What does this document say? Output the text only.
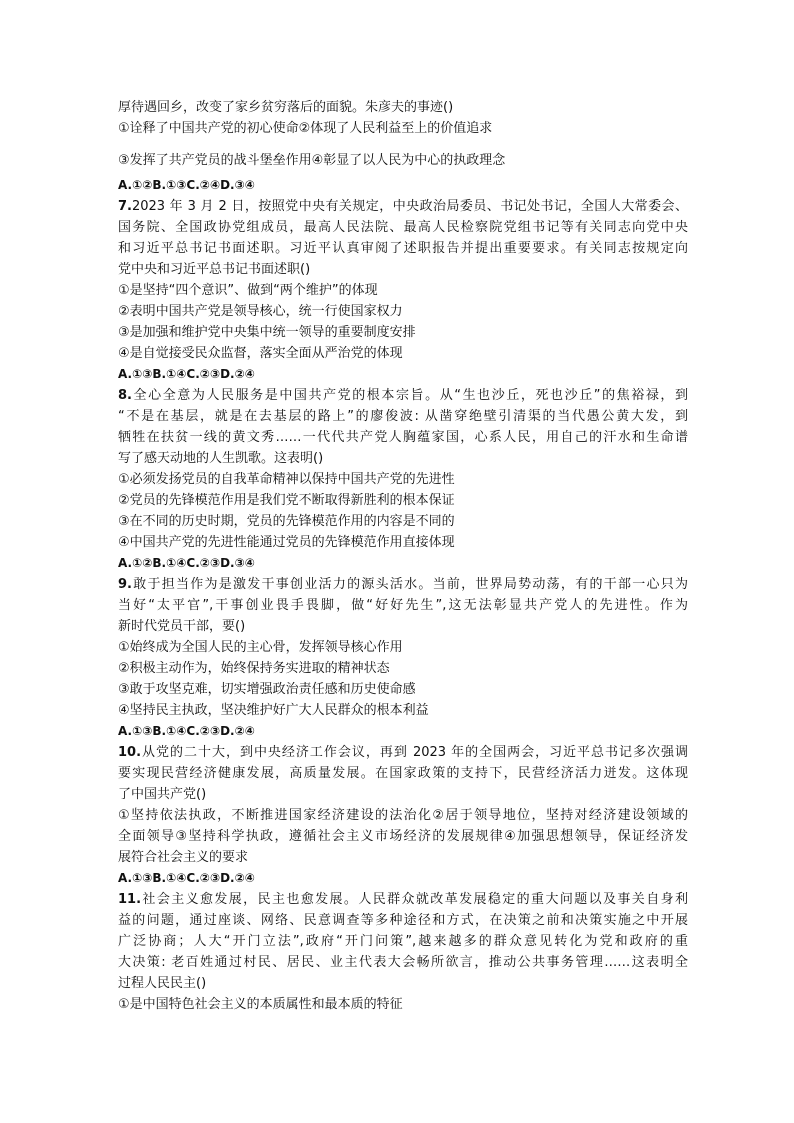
厚待遇回乡，改变了家乡贫穷落后的面貌。朱彦夫的事迹()
①诠释了中国共产党的初心使命②体现了人民利益至上的价值追求
③发挥了共产党员的战斗堡垒作用④彰显了以人民为中心的执政理念
A.①②B.①③C.②④D.③④
7.2023 年 3 月 2 日，按照党中央有关规定，中央政治局委员、书记处书记，全国人大常委会、
国务院、全国政协党组成员，最高人民法院、最高人民检察院党组书记等有关同志向党中央
和习近平总书记书面述职。习近平认真审阅了述职报告并提出重要要求。有关同志按规定向
党中央和习近平总书记书面述职()
①是坚持“四个意识”、做到“两个维护”的体现
②表明中国共产党是领导核心，统一行使国家权力
③是加强和维护党中央集中统一领导的重要制度安排
④是自觉接受民众监督，落实全面从严治党的体现
A.①③B.①④C.②③D.②④
8.全心全意为人民服务是中国共产党的根本宗旨。从“生也沙丘，死也沙丘”的焦裕禄，到
“不是在基层，就是在去基层的路上”的廖俊波: 从凿穿绝壁引清渠的当代愚公黄大发，到
牺牲在扶贫一线的黄文秀……一代代共产党人胸蕴家国，心系人民，用自己的汗水和生命谱
写了感天动地的人生凯歌。这表明()
①必须发扬党员的自我革命精神以保持中国共产党的先进性
②党员的先锋模范作用是我们党不断取得新胜利的根本保证
③在不同的历史时期，党员的先锋模范作用的内容是不同的
④中国共产党的先进性能通过党员的先锋模范作用直接体现
A.①②B.①④C.②③D.③④
9.敢于担当作为是激发干事创业活力的源头活水。当前，世界局势动荡，有的干部一心只为
当好“太平官”,干事创业畏手畏脚，做“好好先生”,这无法彰显共产党人的先进性。作为
新时代党员干部，要()
①始终成为全国人民的主心骨，发挥领导核心作用
②积极主动作为，始终保持务实进取的精神状态
③敢于攻坚克难，切实增强政治责任感和历史使命感
④坚持民主执政，坚决维护好广大人民群众的根本利益
A.①③B.①④C.②③D.②④
10.从党的二十大，到中央经济工作会议，再到 2023 年的全国两会，习近平总书记多次强调
要实现民营经济健康发展，高质量发展。在国家政策的支持下，民营经济活力迸发。这体现
了中国共产党()
①坚持依法执政，不断推进国家经济建设的法治化②居于领导地位，坚持对经济建设领域的
全面领导③坚持科学执政，遵循社会主义市场经济的发展规律④加强思想领导，保证经济发
展符合社会主义的要求
A.①③B.①④C.②③D.②④
11.社会主义愈发展，民主也愈发展。人民群众就改革发展稳定的重大问题以及事关自身利
益的问题，通过座谈、网络、民意调查等多种途径和方式，在决策之前和决策实施之中开展
广泛协商；人大“开门立法”,政府“开门问策”,越来越多的群众意见转化为党和政府的重
大决策: 老百姓通过村民、居民、业主代表大会畅所欲言，推动公共事务管理……这表明全
过程人民民主()
①是中国特色社会主义的本质属性和最本质的特征
